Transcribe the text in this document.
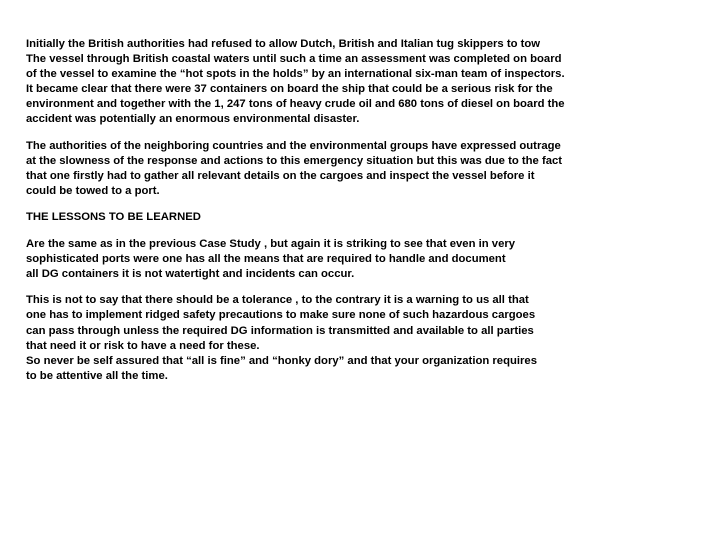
Initially the British authorities had refused to allow Dutch, British and Italian tug skippers to tow
The vessel through British coastal waters until such a time an assessment was completed on board
of the vessel to examine the “hot spots in the holds” by an international six-man team of inspectors.
It became clear that there were 37 containers on board the ship that could be a serious risk for the
environment and together with the 1, 247 tons of heavy crude oil and 680 tons of diesel on board the
accident was potentially an enormous environmental disaster.
The authorities of the neighboring countries and the environmental groups have expressed outrage
at the slowness of the response and actions to this emergency situation but this was due to the fact
that one firstly had to gather all relevant details on the cargoes and inspect the vessel before it
could be towed to a port.
THE LESSONS TO BE LEARNED
Are the same as in the previous Case Study , but again it is striking to see that even in very
sophisticated ports were one has all the means that are required to handle and document
all DG containers it is not watertight and incidents can occur.
This is not to say that there should be a tolerance , to the contrary it is a warning to us all that
one has to implement ridged safety precautions to make sure none of such hazardous cargoes
can pass through unless the required DG information is transmitted and available to all parties
that need it or risk to have a need for these.
So never be self assured that “all is fine” and “honky dory” and that your organization requires
to be attentive all the time.
